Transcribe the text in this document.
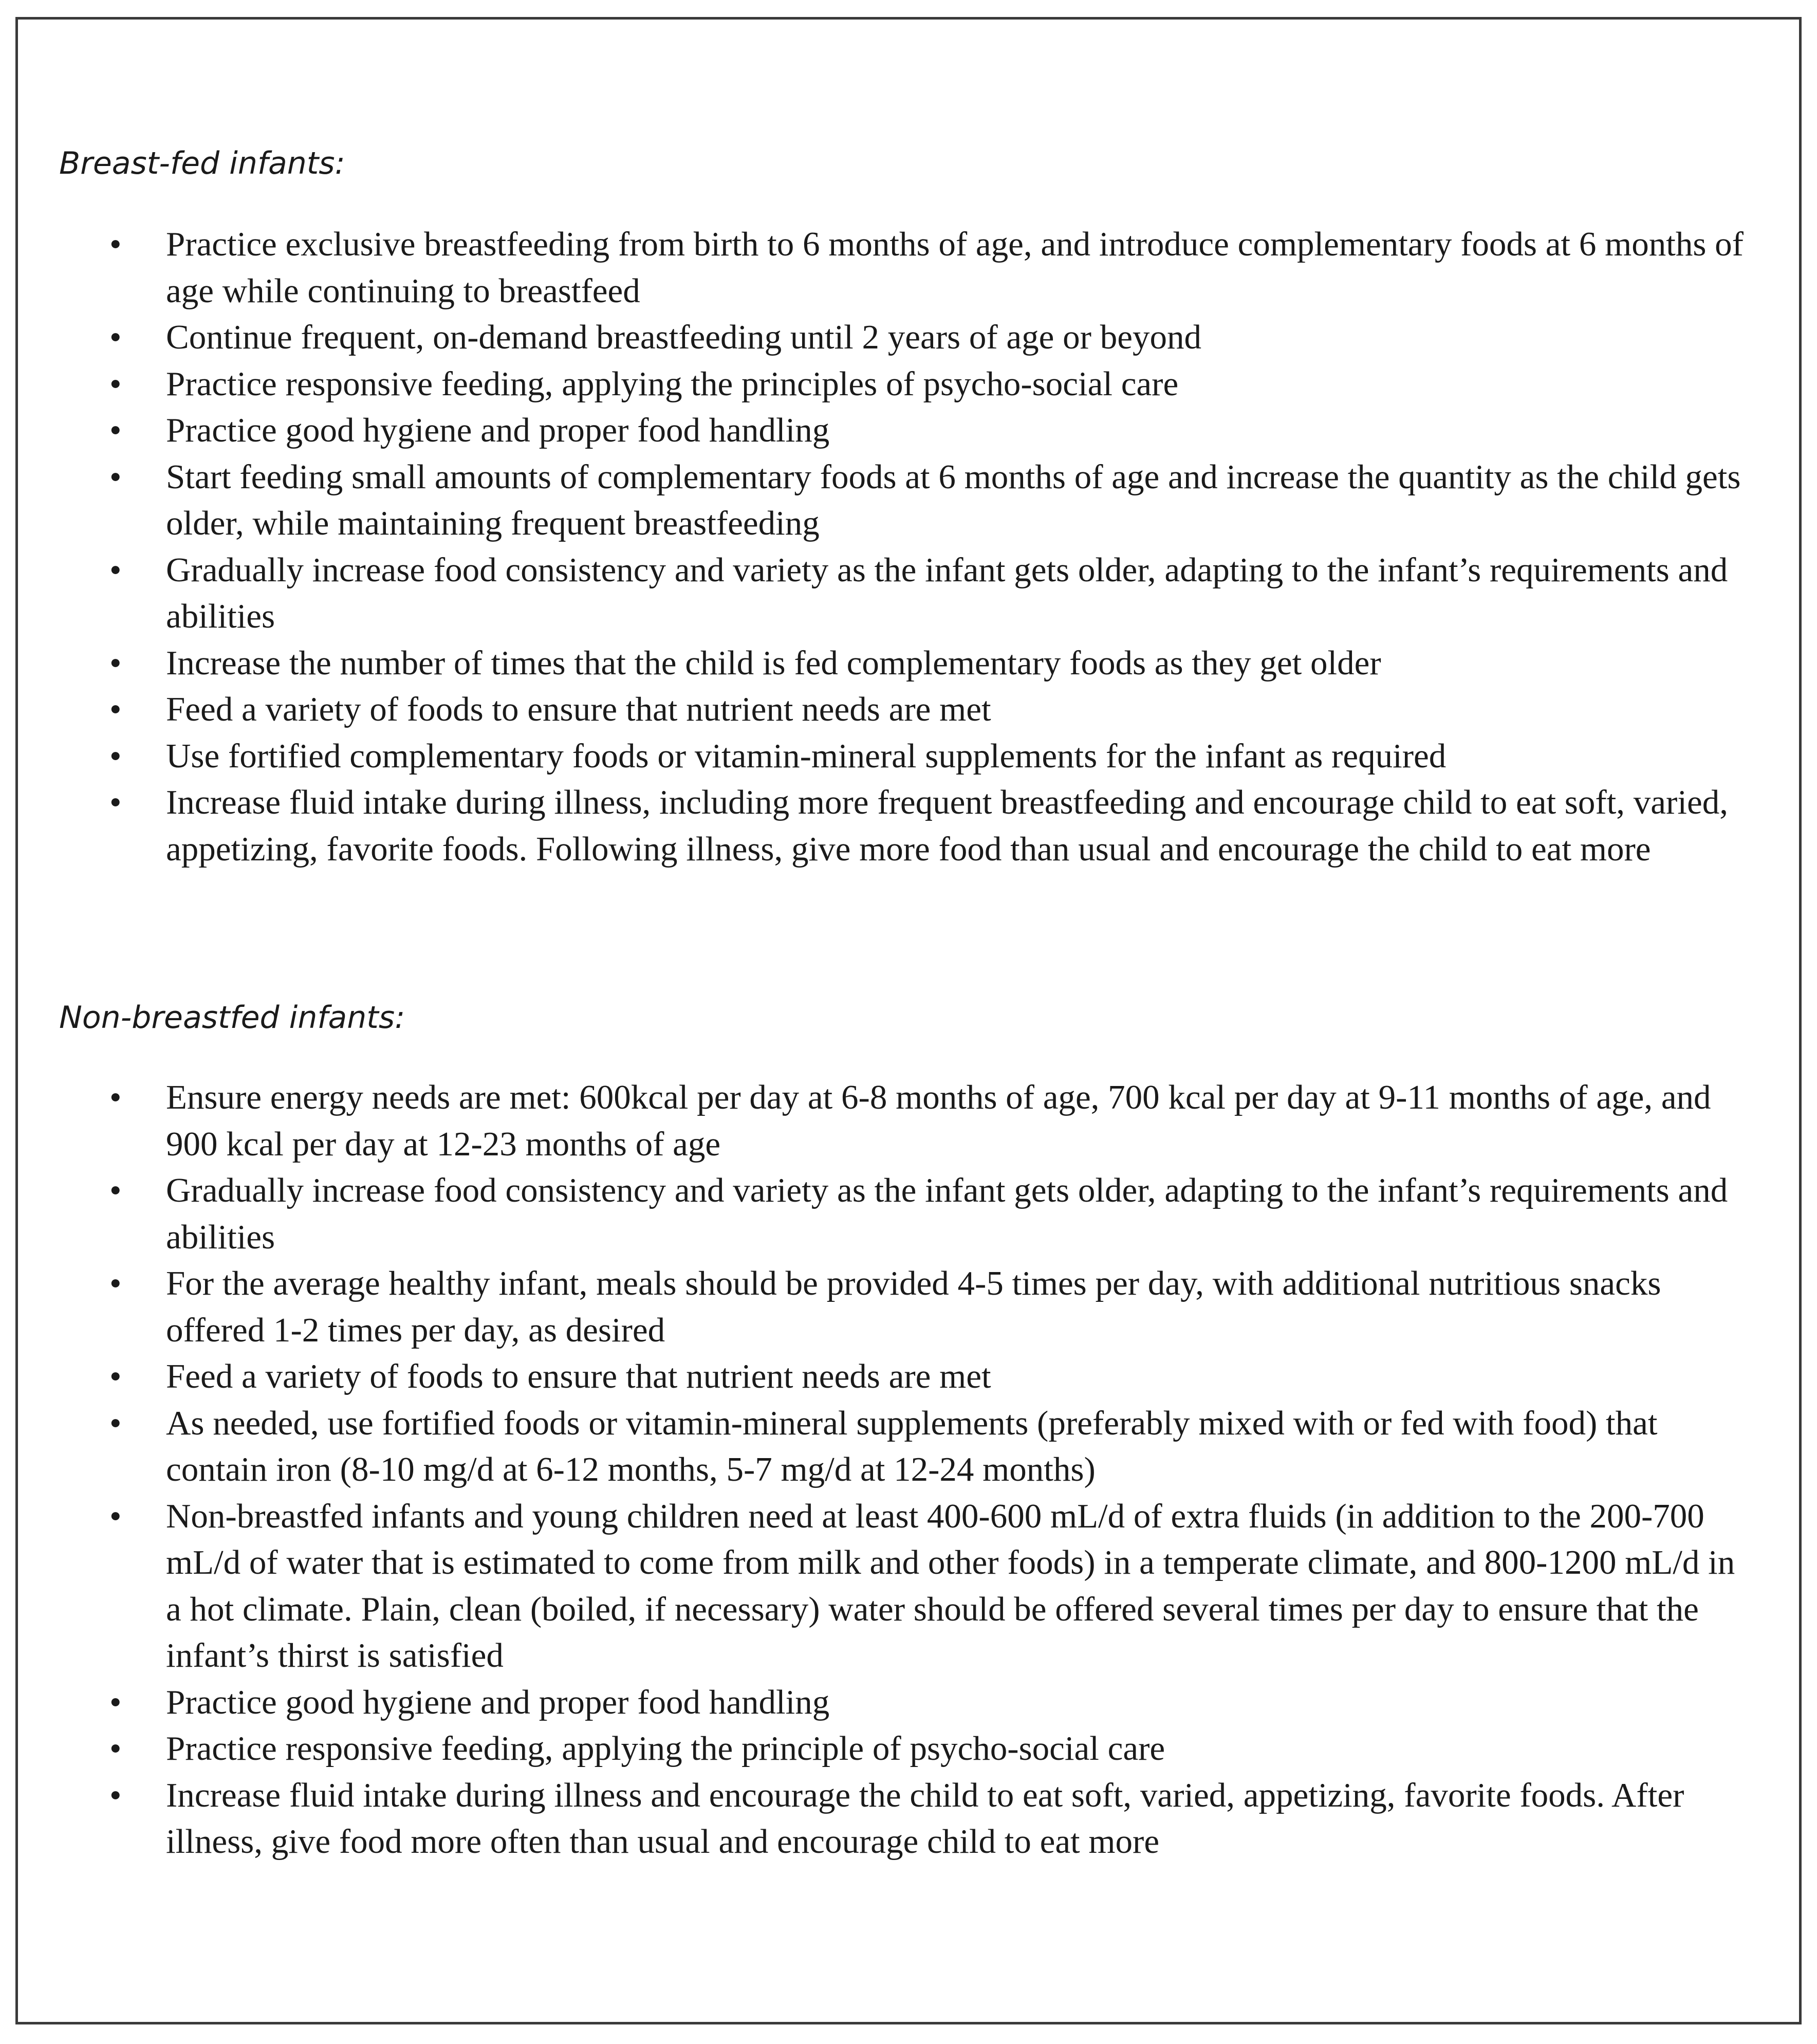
Breast-fed infants:
• Practice exclusive breastfeeding from birth to 6 months of age, and introduce complementary foods at 6 months of age while continuing to breastfeed
• Continue frequent, on-demand breastfeeding until 2 years of age or beyond
• Practice responsive feeding, applying the principles of psycho-social care
• Practice good hygiene and proper food handling
• Start feeding small amounts of complementary foods at 6 months of age and increase the quantity as the child gets older, while maintaining frequent breastfeeding
• Gradually increase food consistency and variety as the infant gets older, adapting to the infant’s requirements and abilities
• Increase the number of times that the child is fed complementary foods as they get older
• Feed a variety of foods to ensure that nutrient needs are met
• Use fortified complementary foods or vitamin-mineral supplements for the infant as required
• Increase fluid intake during illness, including more frequent breastfeeding and encourage child to eat soft, varied, appetizing, favorite foods. Following illness, give more food than usual and encourage the child to eat more
Non-breastfed infants:
• Ensure energy needs are met: 600kcal per day at 6-8 months of age, 700 kcal per day at 9-11 months of age, and 900 kcal per day at 12-23 months of age
• Gradually increase food consistency and variety as the infant gets older, adapting to the infant’s requirements and abilities
• For the average healthy infant, meals should be provided 4-5 times per day, with additional nutritious snacks offered 1-2 times per day, as desired
• Feed a variety of foods to ensure that nutrient needs are met
• As needed, use fortified foods or vitamin-mineral supplements (preferably mixed with or fed with food) that contain iron (8-10 mg/d at 6-12 months, 5-7 mg/d at 12-24 months)
• Non-breastfed infants and young children need at least 400-600 mL/d of extra fluids (in addition to the 200-700 mL/d of water that is estimated to come from milk and other foods) in a temperate climate, and 800-1200 mL/d in a hot climate. Plain, clean (boiled, if necessary) water should be offered several times per day to ensure that the infant’s thirst is satisfied
• Practice good hygiene and proper food handling
• Practice responsive feeding, applying the principle of psycho-social care
• Increase fluid intake during illness and encourage the child to eat soft, varied, appetizing, favorite foods. After illness, give food more often than usual and encourage child to eat more
